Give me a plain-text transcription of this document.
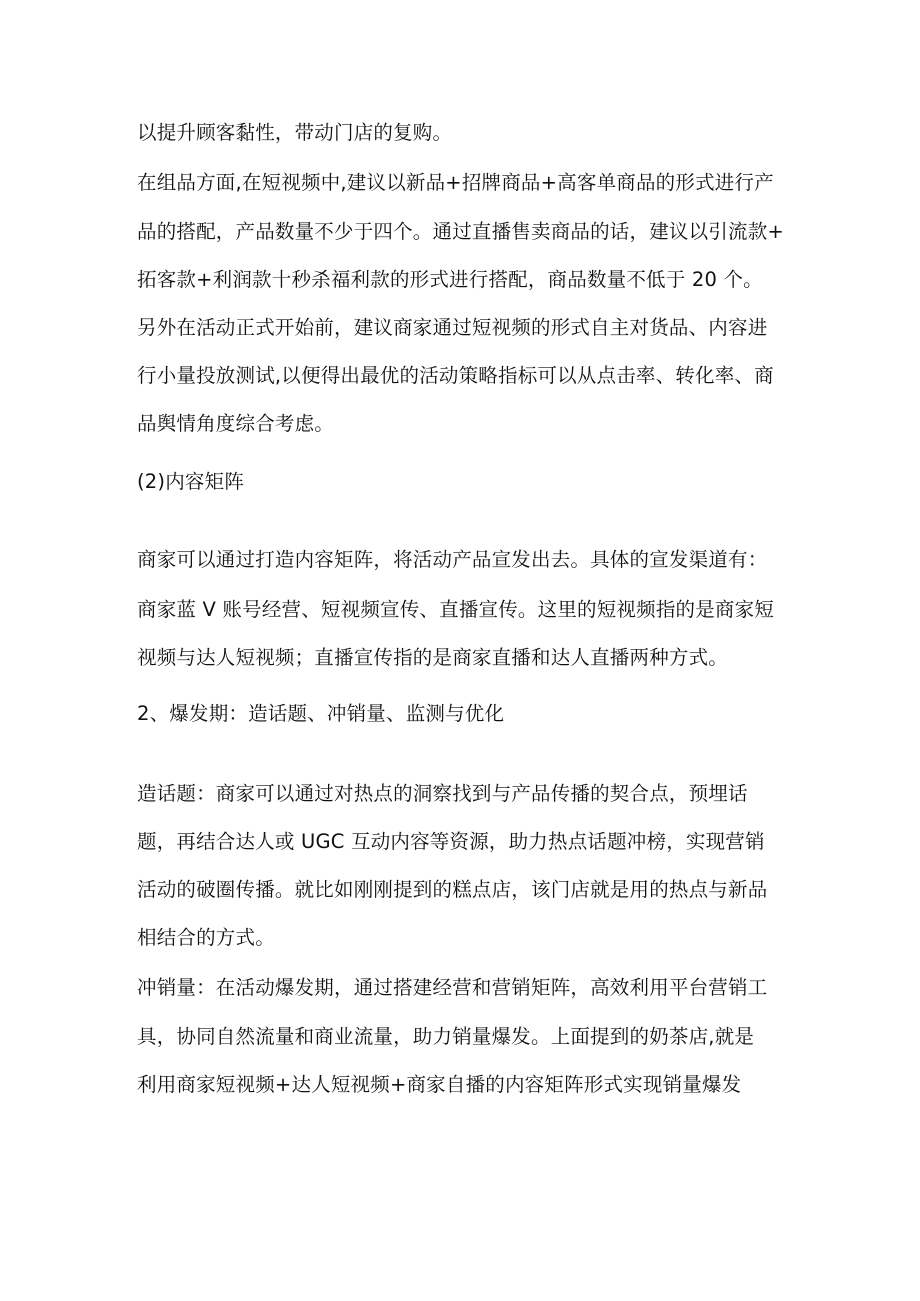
以提升顾客黏性，带动门店的复购。
在组品方面,在短视频中,建议以新品+招牌商品+高客单商品的形式进行产
品的搭配，产品数量不少于四个。通过直播售卖商品的话，建议以引流款+
拓客款+利润款十秒杀福利款的形式进行搭配，商品数量不低于 20 个。
另外在活动正式开始前，建议商家通过短视频的形式自主对货品、内容进
行小量投放测试,以便得出最优的活动策略指标可以从点击率、转化率、商
品舆情角度综合考虑。
(2)内容矩阵
商家可以通过打造内容矩阵，将活动产品宣发出去。具体的宣发渠道有：
商家蓝 V 账号经营、短视频宣传、直播宣传。这里的短视频指的是商家短
视频与达人短视频；直播宣传指的是商家直播和达人直播两种方式。
2、爆发期：造话题、冲销量、监测与优化
造话题：商家可以通过对热点的洞察找到与产品传播的契合点，预埋话
题，再结合达人或 UGC 互动内容等资源，助力热点话题冲榜，实现营销
活动的破圈传播。就比如刚刚提到的糕点店，该门店就是用的热点与新品
相结合的方式。
冲销量：在活动爆发期，通过搭建经营和营销矩阵，高效利用平台营销工
具，协同自然流量和商业流量，助力销量爆发。上面提到的奶茶店,就是
利用商家短视频+达人短视频+商家自播的内容矩阵形式实现销量爆发
